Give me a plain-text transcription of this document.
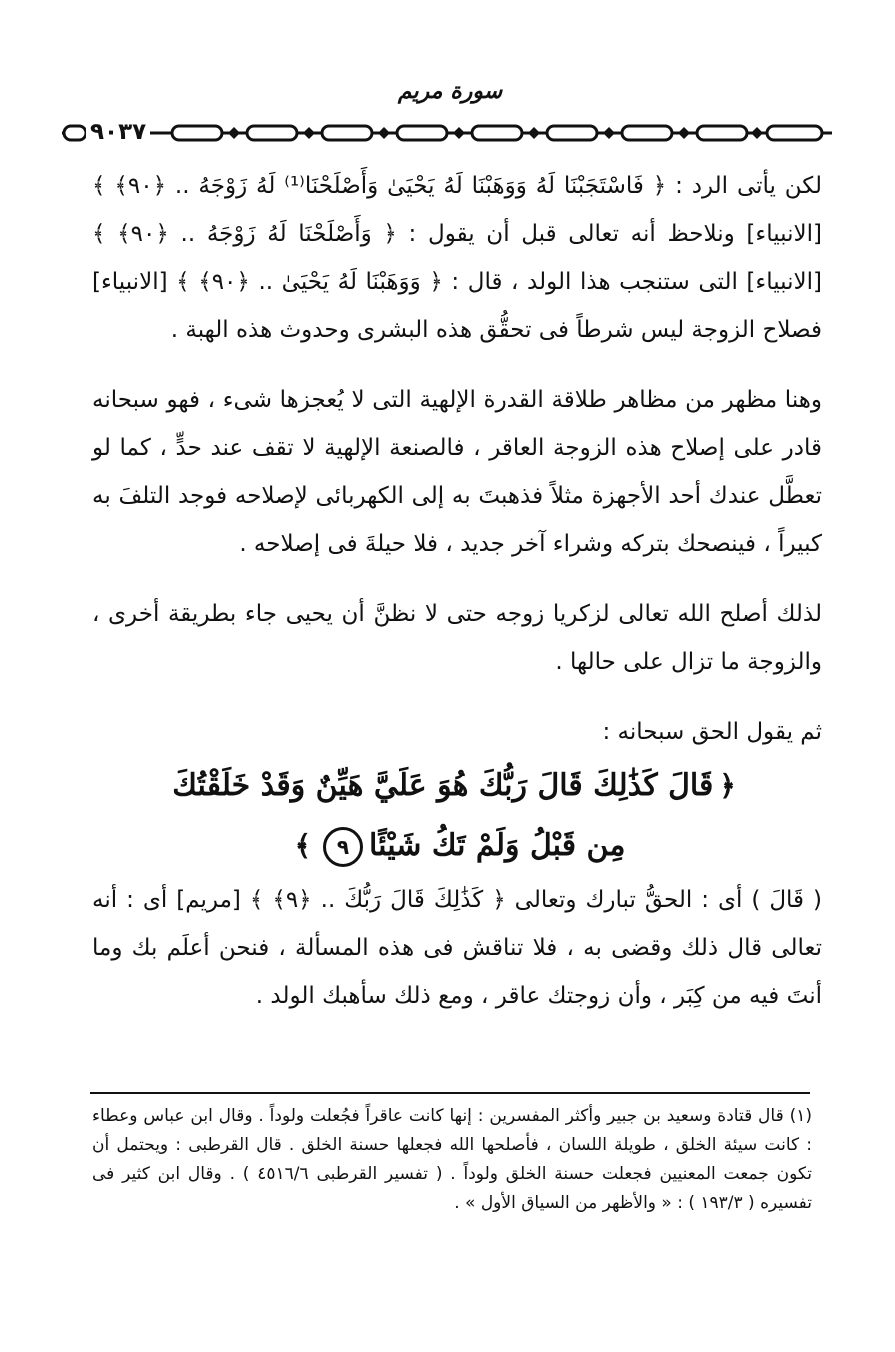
سورة مريم
٩٠٣٧

لكن يأتى الرد : ﴿ فَاسْتَجَبْنَا لَهُ وَوَهَبْنَا لَهُ يَحْيَىٰ وَأَصْلَحْنَا⁽¹⁾ لَهُ زَوْجَهُ .. ﴿٩٠﴾ ﴾ [الانبياء] ونلاحظ أنه تعالى قبل أن يقول : ﴿ وَأَصْلَحْنَا لَهُ زَوْجَهُ .. ﴿٩٠﴾ ﴾ [الانبياء] التى ستنجب هذا الولد ، قال : ﴿ وَوَهَبْنَا لَهُ يَحْيَىٰ .. ﴿٩٠﴾ ﴾ [الانبياء] فصلاح الزوجة ليس شرطاً فى تحقُّق هذه البشرى وحدوث هذه الهبة .

وهنا مظهر من مظاهر طلاقة القدرة الإلهية التى لا يُعجزها شىء ، فهو سبحانه قادر على إصلاح هذه الزوجة العاقر ، فالصنعة الإلهية لا تقف عند حدٍّ ، كما لو تعطَّل عندك أحد الأجهزة مثلاً فذهبتَ به إلى الكهربائى لإصلاحه فوجد التلفَ به كبيراً ، فينصحك بتركه وشراء آخر جديد ، فلا حيلةَ فى إصلاحه .

لذلك أصلح الله تعالى لزكريا زوجه حتى لا نظنَّ أن يحيى جاء بطريقة أخرى ، والزوجة ما تزال على حالها .

ثم يقول الحق سبحانه :

﴿قَالَ كَذَٰلِكَ قَالَ رَبُّكَ هُوَ عَلَيَّ هَيِّنٌ وَقَدْ خَلَقْتُكَ
مِن قَبْلُ وَلَمْ تَكُ شَيْئًا٩﴾

( قَالَ ) أى : الحقُّ تبارك وتعالى ﴿ كَذَٰلِكَ قَالَ رَبُّكَ .. ﴿٩﴾ ﴾ [مريم] أى : أنه تعالى قال ذلك وقضى به ، فلا تناقش فى هذه المسألة ، فنحن أعلَم بك وما أنتَ فيه من كِبَر ، وأن زوجتك عاقر ، ومع ذلك سأهبك الولد .

(١) قال قتادة وسعيد بن جبير وأكثر المفسرين : إنها كانت عاقراً فجُعلت ولوداً . وقال ابن عباس وعطاء : كانت سيئة الخلق ، طويلة اللسان ، فأصلحها الله فجعلها حسنة الخلق . قال القرطبى : ويحتمل أن تكون جمعت المعنيين فجعلت حسنة الخلق ولوداً . ( تفسير القرطبى ٤٥١٦/٦ ) . وقال ابن كثير فى تفسيره ( ١٩٣/٣ ) : « والأظهر من السياق الأول » .
